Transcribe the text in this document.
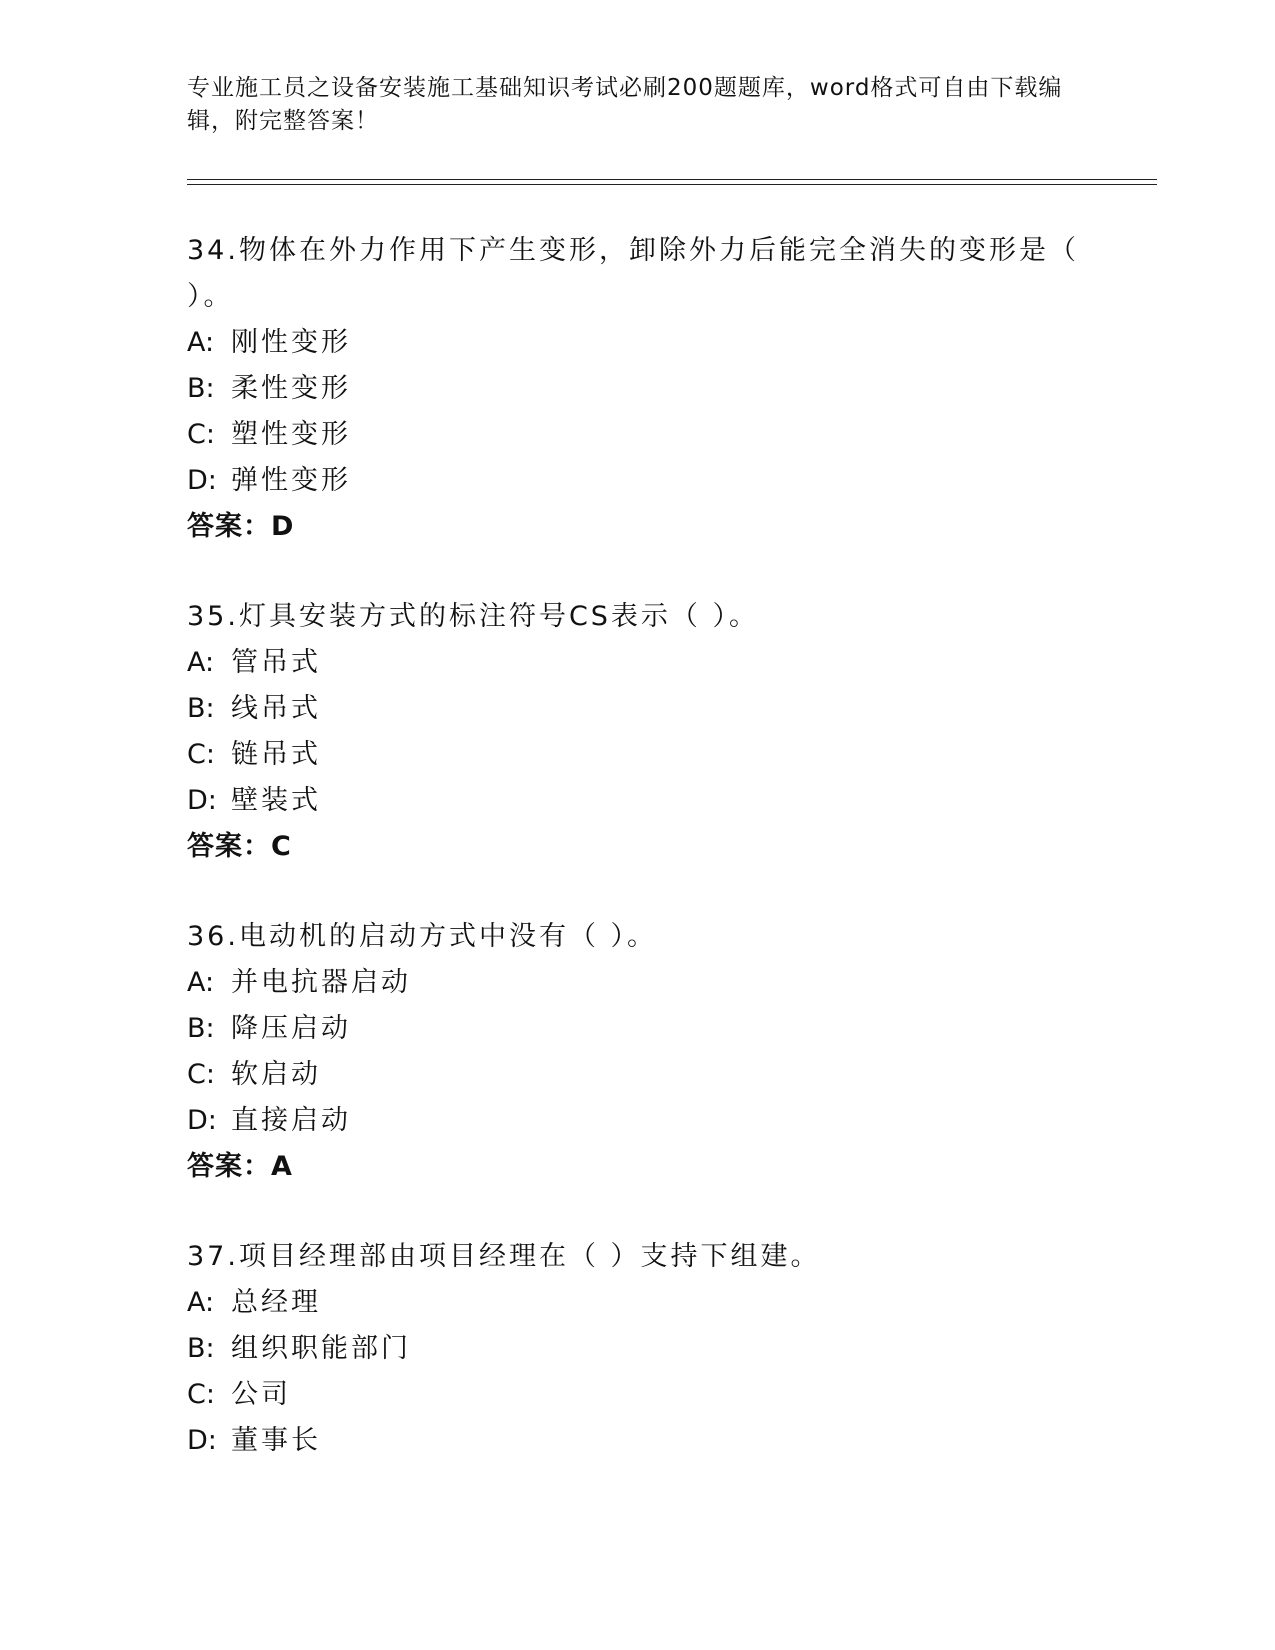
专业施工员之设备安装施工基础知识考试必刷200题题库，word格式可自由下载编辑，附完整答案！
34.物体在外力作用下产生变形，卸除外力后能完全消失的变形是（ ）。
A: 刚性变形
B: 柔性变形
C: 塑性变形
D: 弹性变形
答案：D
35.灯具安装方式的标注符号CS表示（ ）。
A: 管吊式
B: 线吊式
C: 链吊式
D: 壁装式
答案：C
36.电动机的启动方式中没有（ ）。
A: 并电抗器启动
B: 降压启动
C: 软启动
D: 直接启动
答案：A
37.项目经理部由项目经理在（ ）支持下组建。
A: 总经理
B: 组织职能部门
C: 公司
D: 董事长
